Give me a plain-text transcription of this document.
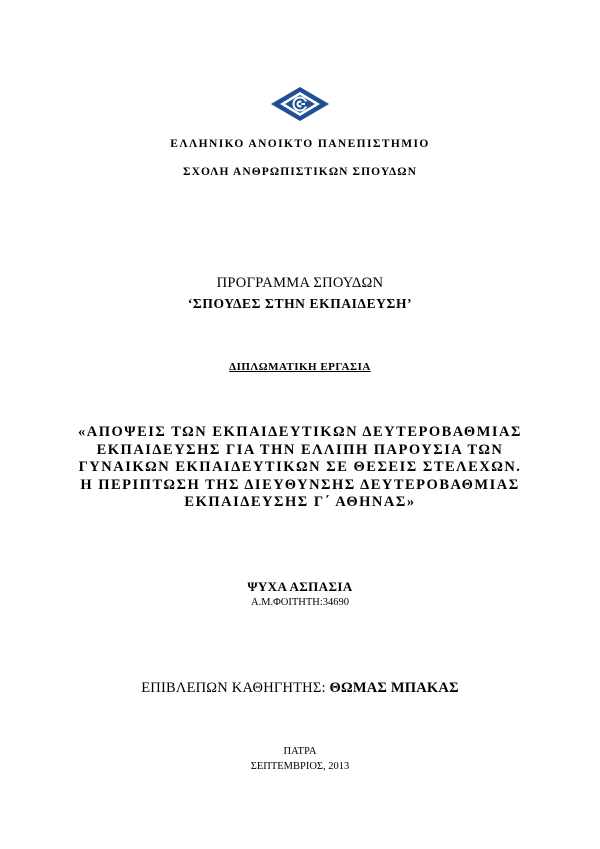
ΕΛΛΗΝΙΚΟ ΑΝΟΙΚΤΟ ΠΑΝΕΠΙΣΤΗΜΙΟ

ΣΧΟΛΗ ΑΝΘΡΩΠΙΣΤΙΚΩΝ ΣΠΟΥΔΩΝ

ΠΡΟΓΡΑΜΜΑ ΣΠΟΥΔΩΝ

‘ΣΠΟΥΔΕΣ ΣΤΗΝ ΕΚΠΑΙΔΕΥΣΗ’

ΔΙΠΛΩΜΑΤΙΚΗ ΕΡΓΑΣΙΑ

«ΑΠΟΨΕΙΣ ΤΩΝ ΕΚΠΑΙΔΕΥΤΙΚΩΝ ΔΕΥΤΕΡΟΒΑΘΜΙΑΣ
ΕΚΠΑΙΔΕΥΣΗΣ ΓΙΑ ΤΗΝ ΕΛΛΙΠΗ ΠΑΡΟΥΣΙΑ ΤΩΝ
ΓΥΝΑΙΚΩΝ ΕΚΠΑΙΔΕΥΤΙΚΩΝ ΣΕ ΘΕΣΕΙΣ ΣΤΕΛΕΧΩΝ.
Η ΠΕΡΙΠΤΩΣΗ ΤΗΣ ΔΙΕΥΘΥΝΣΗΣ ΔΕΥΤΕΡΟΒΑΘΜΙΑΣ
ΕΚΠΑΙΔΕΥΣΗΣ Γ΄ ΑΘΗΝΑΣ»

ΨΥΧΑ ΑΣΠΑΣΙΑ

Α.Μ.ΦΟΙΤΗΤΗ:34690

ΕΠΙΒΛΕΠΩΝ ΚΑΘΗΓΗΤΗΣ: ΘΩΜΑΣ ΜΠΑΚΑΣ

ΠΑΤΡΑ

ΣΕΠΤΕΜΒΡΙΟΣ, 2013
